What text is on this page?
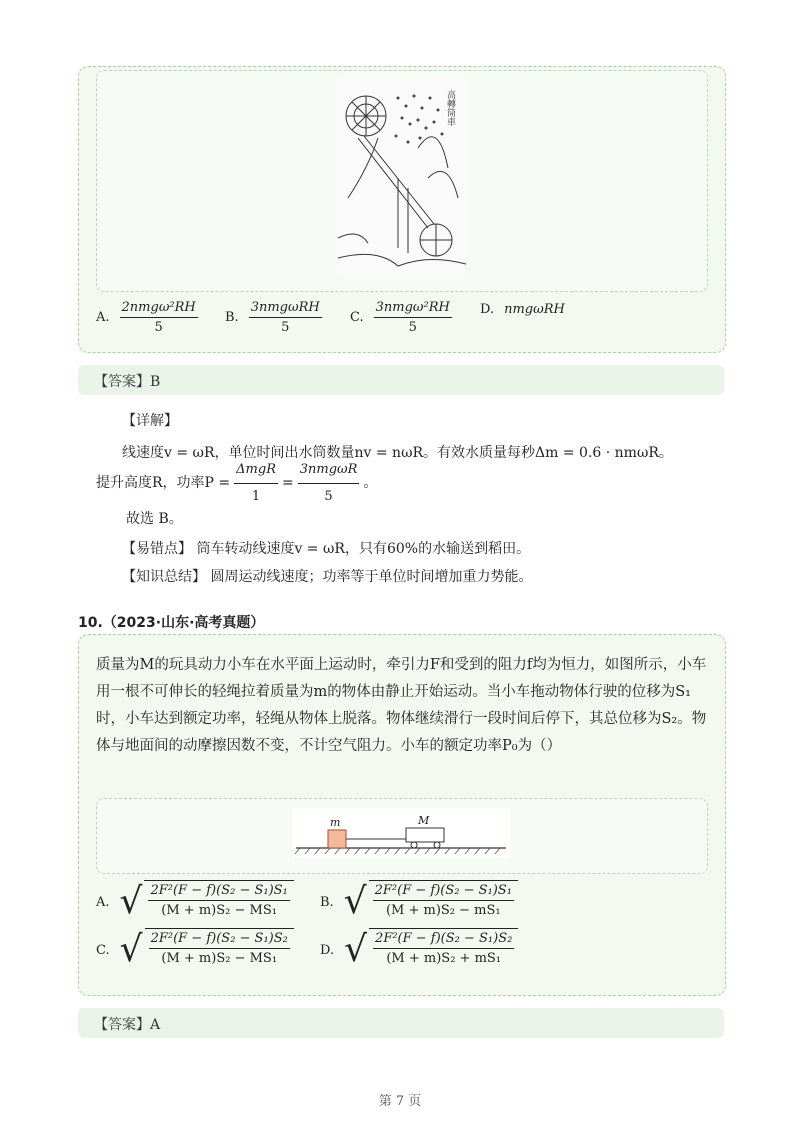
高轉筒車
A. $\frac{\text{2nmgω²RH}}{5} B$. $\frac{\text{3nmgωRH}}{5} C$. $\frac{\text{3nmgω²RH}}{5} D$. nmgωRH
【答案】B
【详解】
线速度v = ωR，单位时间出水筒数量nv = nωR。有效水质量每秒Δm = 0.6 · nmωR。
提升高度R，功率$P = \frac{\text{ΔmgR}}{1} = \frac{\text{3nmgωR}}{5}$ 。
故选 B。
【易错点】 筒车转动线速度v = ωR，只有60%的水输送到稻田。
【知识总结】 圆周运动线速度；功率等于单位时间增加重力势能。
10.（2023·山东·高考真题）
质量为M的玩具动力小车在水平面上运动时，牵引力F和受到的阻力f均为恒力，如图所示，小车用一根不可伸长的轻绳拉着质量为m的物体由静止开始运动。当小车拖动物体行驶的位移为S₁时，小车达到额定功率，轻绳从物体上脱落。物体继续滑行一段时间后停下，其总位移为S₂。物体与地面间的动摩擦因数不变，不计空气阻力。小车的额定功率P₀为（）
m	M
A. √ $\frac{\text{2F²(F − f)(S₂ − S₁)S₁}}{\text{(M + m)S₂ − MS₁}} B$. √ $\frac{\text{2F²(F − f)(S₂ − S₁)S₁}}{\text{(M + m)S₂ − mS₁}}$
C. √ $\frac{\text{2F²(F − f)(S₂ − S₁)S₂}}{\text{(M + m)S₂ − MS₁}} D$. √ $\frac{\text{2F²(F − f)(S₂ − S₁)S₂}}{\text{(M + m)S₂ + mS₁}}$
【答案】A
第 7 页
